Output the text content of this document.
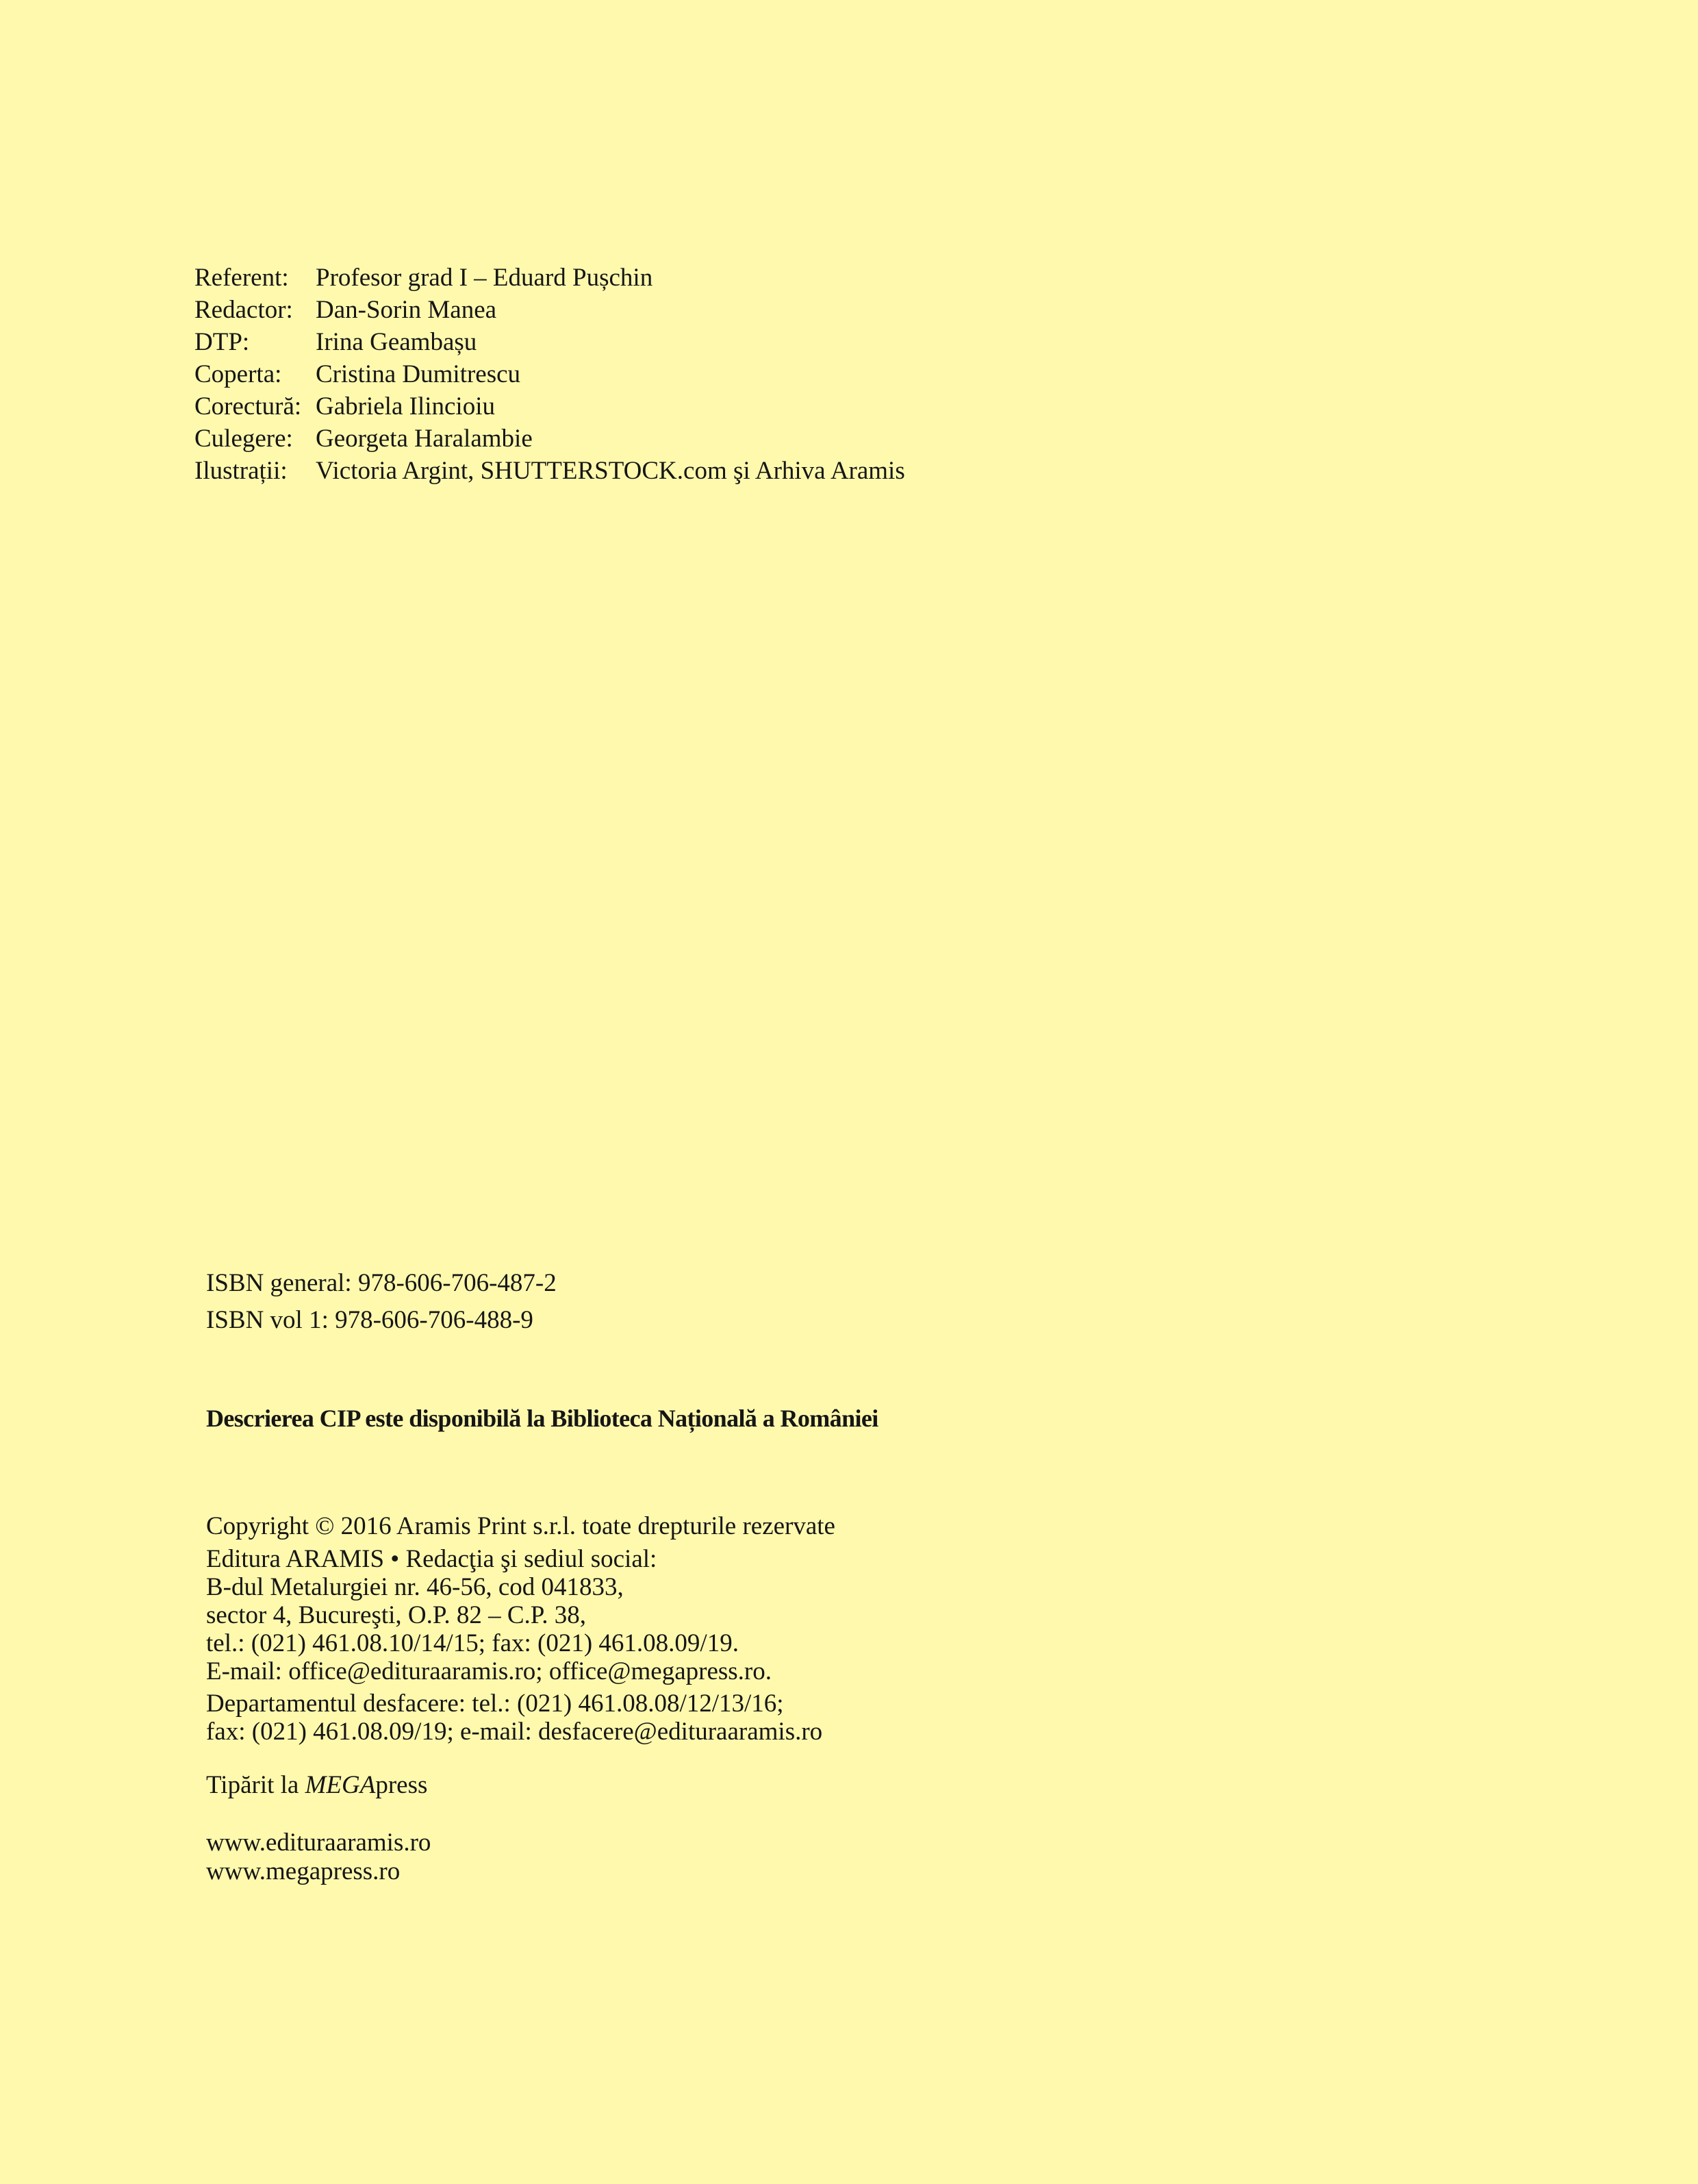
Referent:	Profesor grad I – Eduard Pușchin
Redactor: Dan-Sorin Manea
DTP:	Irina Geambașu
Coperta:	Cristina Dumitrescu
Corectură: Gabriela Ilincioiu
Culegere: Georgeta Haralambie
Ilustrații:	Victoria Argint, SHUTTERSTOCK.com şi Arhiva Aramis
ISBN general: 978-606-706-487-2
ISBN vol 1: 978-606-706-488-9
Descrierea CIP este disponibilă la Biblioteca Națională a României
Copyright © 2016 Aramis Print s.r.l. toate drepturile rezervate
Editura ARAMIS • Redacţia şi sediul social:
B-dul Metalurgiei nr. 46-56, cod 041833,
sector 4, Bucureşti, O.P. 82 – C.P. 38,
tel.: (021) 461.08.10/14/15; fax: (021) 461.08.09/19.
E-mail: office@edituraaramis.ro; office@megapress.ro.
Departamentul desfacere: tel.: (021) 461.08.08/12/13/16;
fax: (021) 461.08.09/19; e-mail: desfacere@edituraaramis.ro
Tipărit la MEGApress
www.edituraaramis.ro
www.megapress.ro
